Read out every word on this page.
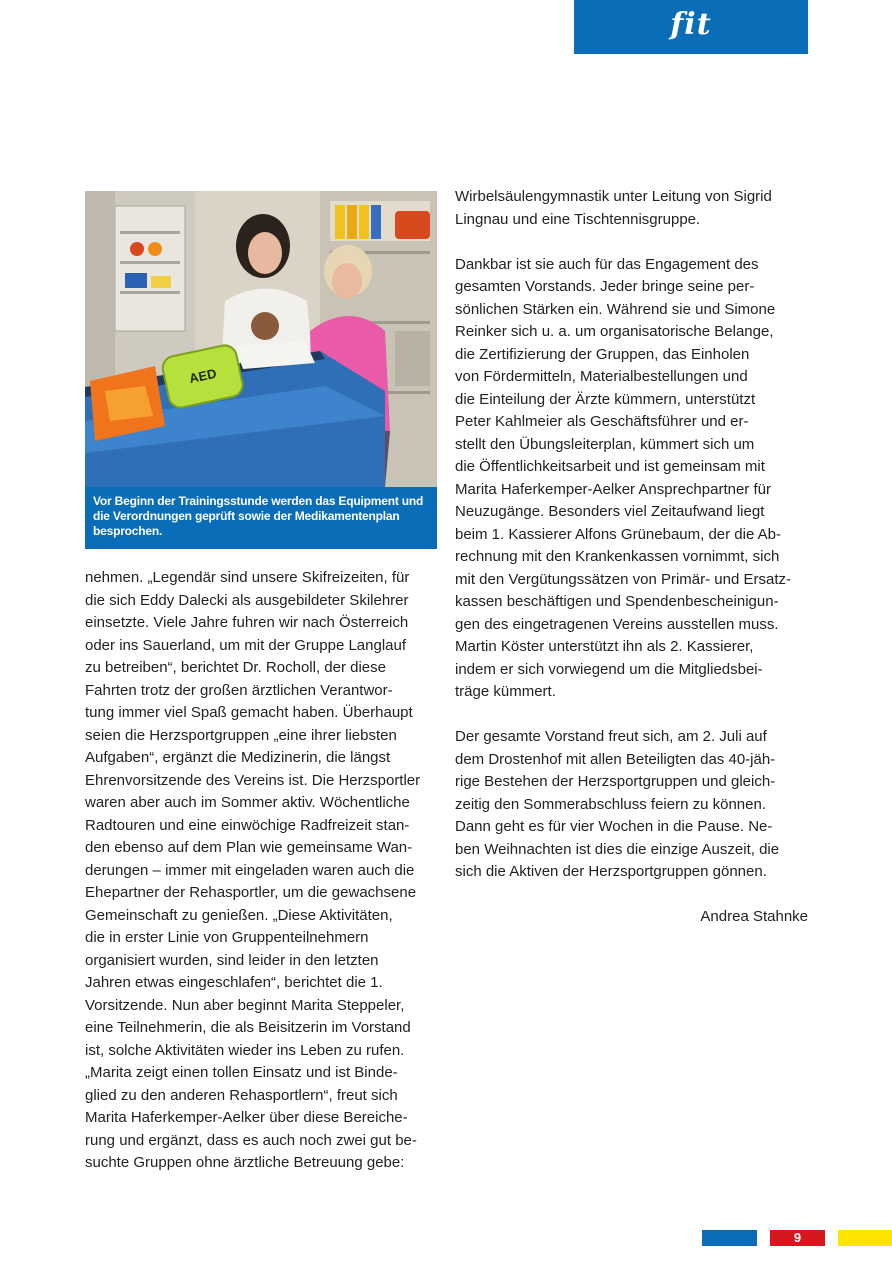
fit
AED

Vor Beginn der Trainingsstunde werden das Equipment und die Verordnungen geprüft sowie der Medikamentenplan besprochen.

nehmen. „Legendär sind unsere Skifreizeiten, für
die sich Eddy Dalecki als ausgebildeter Skilehrer
einsetzte. Viele Jahre fuhren wir nach Österreich
oder ins Sauerland, um mit der Gruppe Langlauf
zu betreiben“, berichtet Dr. Rocholl, der diese
Fahrten trotz der großen ärztlichen Verantwor-
tung immer viel Spaß gemacht haben. Überhaupt
seien die Herzsportgruppen „eine ihrer liebsten
Aufgaben“, ergänzt die Medizinerin, die längst
Ehrenvorsitzende des Vereins ist. Die Herzsportler
waren aber auch im Sommer aktiv. Wöchentliche
Radtouren und eine einwöchige Radfreizeit stan-
den ebenso auf dem Plan wie gemeinsame Wan-
derungen – immer mit eingeladen waren auch die
Ehepartner der Rehasportler, um die gewachsene
Gemeinschaft zu genießen. „Diese Aktivitäten,
die in erster Linie von Gruppenteilnehmern
organisiert wurden, sind leider in den letzten
Jahren etwas eingeschlafen“, berichtet die 1.
Vorsitzende. Nun aber beginnt Marita Steppeler,
eine Teilnehmerin, die als Beisitzerin im Vorstand
ist, solche Aktivitäten wieder ins Leben zu rufen.
„Marita zeigt einen tollen Einsatz und ist Binde-
glied zu den anderen Rehasportlern“, freut sich
Marita Haferkemper-Aelker über diese Bereiche-
rung und ergänzt, dass es auch noch zwei gut be-
suchte Gruppen ohne ärztliche Betreuung gebe:

Wirbelsäulengymnastik unter Leitung von Sigrid
Lingnau und eine Tischtennisgruppe.

Dankbar ist sie auch für das Engagement des
gesamten Vorstands. Jeder bringe seine per-
sönlichen Stärken ein. Während sie und Simone
Reinker sich u. a. um organisatorische Belange,
die Zertifizierung der Gruppen, das Einholen
von Fördermitteln, Materialbestellungen und
die Einteilung der Ärzte kümmern, unterstützt
Peter Kahlmeier als Geschäftsführer und er-
stellt den Übungsleiterplan, kümmert sich um
die Öffentlichkeitsarbeit und ist gemeinsam mit
Marita Haferkemper-Aelker Ansprechpartner für
Neuzugänge. Besonders viel Zeitaufwand liegt
beim 1. Kassierer Alfons Grünebaum, der die Ab-
rechnung mit den Krankenkassen vornimmt, sich
mit den Vergütungssätzen von Primär- und Ersatz-
kassen beschäftigen und Spendenbescheinigun-
gen des eingetragenen Vereins ausstellen muss.
Martin Köster unterstützt ihn als 2. Kassierer,
indem er sich vorwiegend um die Mitgliedsbei-
träge kümmert.

Der gesamte Vorstand freut sich, am 2. Juli auf
dem Drostenhof mit allen Beteiligten das 40-jäh-
rige Bestehen der Herzsportgruppen und gleich-
zeitig den Sommerabschluss feiern zu können.
Dann geht es für vier Wochen in die Pause. Ne-
ben Weihnachten ist dies die einzige Auszeit, die
sich die Aktiven der Herzsportgruppen gönnen.

Andrea Stahnke

9
